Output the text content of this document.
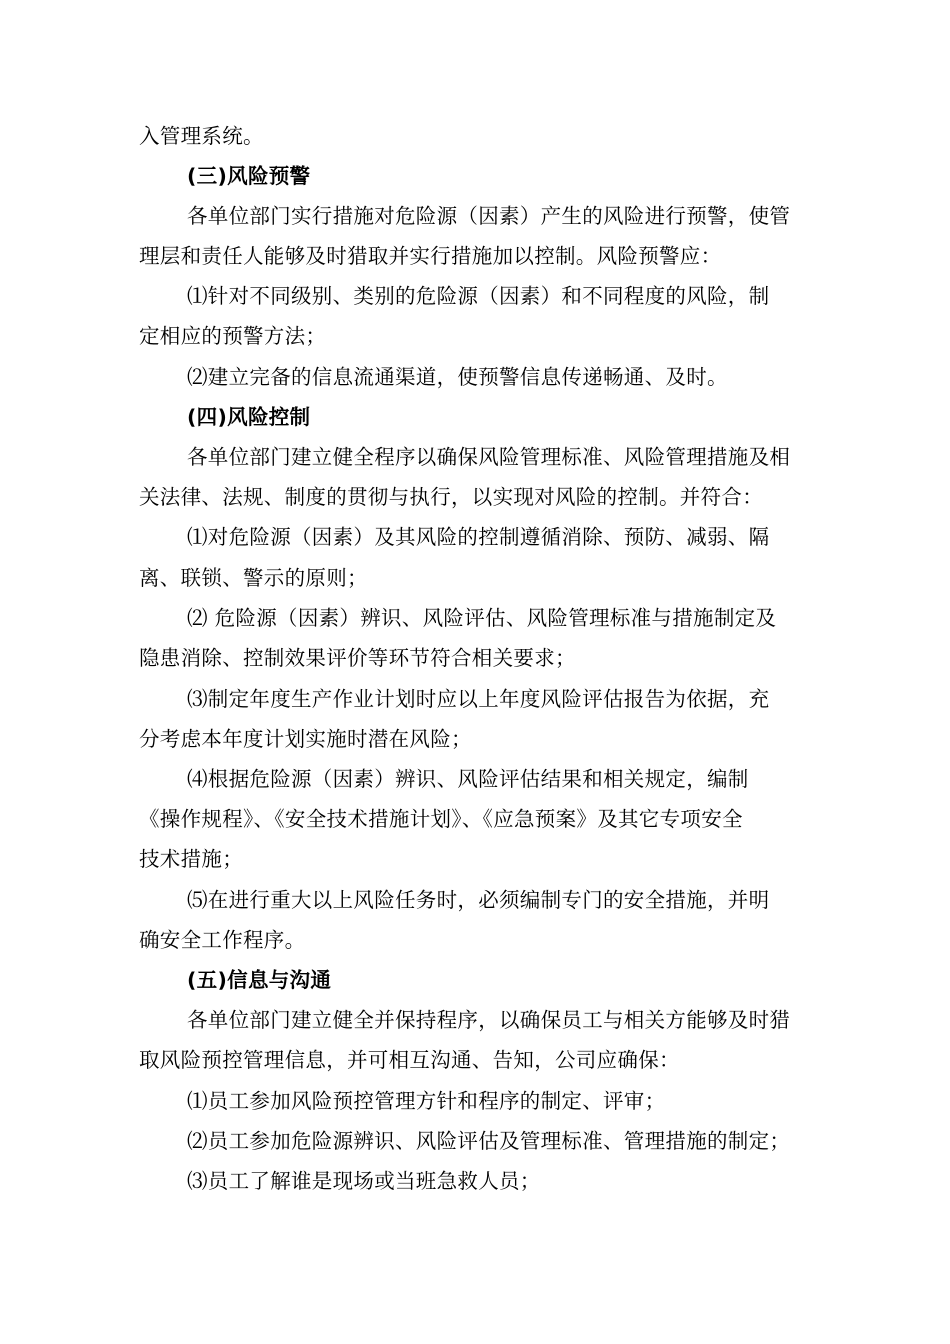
入管理系统。
(三)风险预警
各单位部门实行措施对危险源（因素）产生的风险进行预警，使管
理层和责任人能够及时猎取并实行措施加以控制。风险预警应：
⑴针对不同级别、类别的危险源（因素）和不同程度的风险，制
定相应的预警方法；
⑵建立完备的信息流通渠道，使预警信息传递畅通、及时。
(四)风险控制
各单位部门建立健全程序以确保风险管理标准、风险管理措施及相
关法律、法规、制度的贯彻与执行，以实现对风险的控制。并符合：
⑴对危险源（因素）及其风险的控制遵循消除、预防、减弱、隔
离、联锁、警示的原则；
⑵ 危险源（因素）辨识、风险评估、风险管理标准与措施制定及
隐患消除、控制效果评价等环节符合相关要求；
⑶制定年度生产作业计划时应以上年度风险评估报告为依据，充
分考虑本年度计划实施时潜在风险；
⑷根据危险源（因素）辨识、风险评估结果和相关规定，编制
《操作规程》、《安全技术措施计划》、《应急预案》及其它专项安全
技术措施；
⑸在进行重大以上风险任务时，必须编制专门的安全措施，并明
确安全工作程序。
(五)信息与沟通
各单位部门建立健全并保持程序，以确保员工与相关方能够及时猎
取风险预控管理信息，并可相互沟通、告知，公司应确保：
⑴员工参加风险预控管理方针和程序的制定、评审；
⑵员工参加危险源辨识、风险评估及管理标准、管理措施的制定；
⑶员工了解谁是现场或当班急救人员；
